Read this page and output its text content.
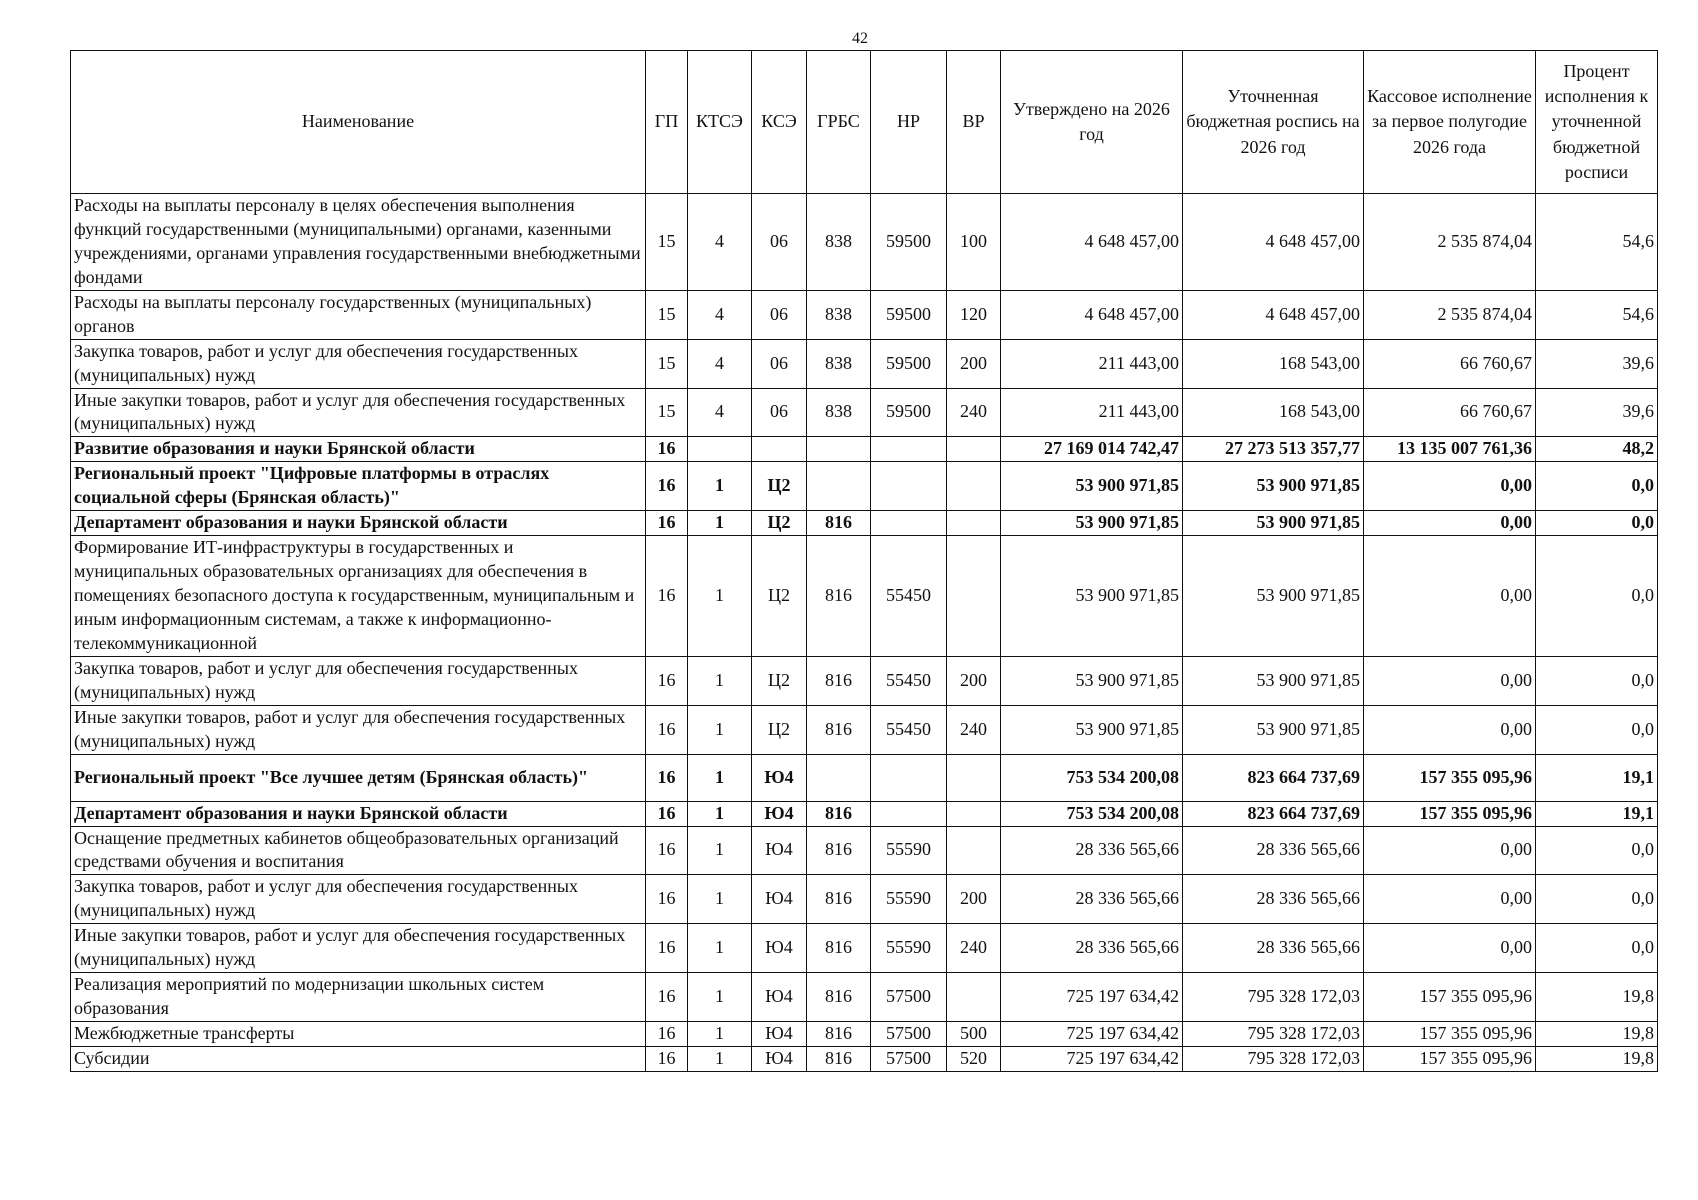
42
Наименование	ГП	КТСЭ	КСЭ	ГРБС	НР	ВР	Утверждено на 2026 год	Уточненная бюджетная роспись на 2026 год	Кассовое исполнение за первое полугодие 2026 года	Процент исполнения к уточненной бюджетной росписи
Расходы на выплаты персоналу в целях обеспечения выполнения функций государственными (муниципальными) органами, казенными учреждениями, органами управления государственными внебюджетными фондами	15	4	06	838	59500	100	4 648 457,00	4 648 457,00	2 535 874,04	54,6
Расходы на выплаты персоналу государственных (муниципальных) органов	15	4	06	838	59500	120	4 648 457,00	4 648 457,00	2 535 874,04	54,6
Закупка товаров, работ и услуг для обеспечения государственных (муниципальных) нужд	15	4	06	838	59500	200	211 443,00	168 543,00	66 760,67	39,6
Иные закупки товаров, работ и услуг для обеспечения государственных (муниципальных) нужд	15	4	06	838	59500	240	211 443,00	168 543,00	66 760,67	39,6
Развитие образования и науки Брянской области	16						27 169 014 742,47	27 273 513 357,77	13 135 007 761,36	48,2
Региональный проект "Цифровые платформы в отраслях социальной сферы (Брянская область)"	16	1	Ц2				53 900 971,85	53 900 971,85	0,00	0,0
Департамент образования и науки Брянской области	16	1	Ц2	816			53 900 971,85	53 900 971,85	0,00	0,0
Формирование ИТ-инфраструктуры в государственных и муниципальных образовательных организациях для обеспечения в помещениях безопасного доступа к государственным, муниципальным и иным информационным системам, а также к информационно-телекоммуникационной	16	1	Ц2	816	55450		53 900 971,85	53 900 971,85	0,00	0,0
Закупка товаров, работ и услуг для обеспечения государственных (муниципальных) нужд	16	1	Ц2	816	55450	200	53 900 971,85	53 900 971,85	0,00	0,0
Иные закупки товаров, работ и услуг для обеспечения государственных (муниципальных) нужд	16	1	Ц2	816	55450	240	53 900 971,85	53 900 971,85	0,00	0,0
Региональный проект "Все лучшее детям (Брянская область)"	16	1	Ю4				753 534 200,08	823 664 737,69	157 355 095,96	19,1
Департамент образования и науки Брянской области	16	1	Ю4	816			753 534 200,08	823 664 737,69	157 355 095,96	19,1
Оснащение предметных кабинетов общеобразовательных организаций средствами обучения и воспитания	16	1	Ю4	816	55590		28 336 565,66	28 336 565,66	0,00	0,0
Закупка товаров, работ и услуг для обеспечения государственных (муниципальных) нужд	16	1	Ю4	816	55590	200	28 336 565,66	28 336 565,66	0,00	0,0
Иные закупки товаров, работ и услуг для обеспечения государственных (муниципальных) нужд	16	1	Ю4	816	55590	240	28 336 565,66	28 336 565,66	0,00	0,0
Реализация мероприятий по модернизации школьных систем образования	16	1	Ю4	816	57500		725 197 634,42	795 328 172,03	157 355 095,96	19,8
Межбюджетные трансферты	16	1	Ю4	816	57500	500	725 197 634,42	795 328 172,03	157 355 095,96	19,8
Субсидии	16	1	Ю4	816	57500	520	725 197 634,42	795 328 172,03	157 355 095,96	19,8
